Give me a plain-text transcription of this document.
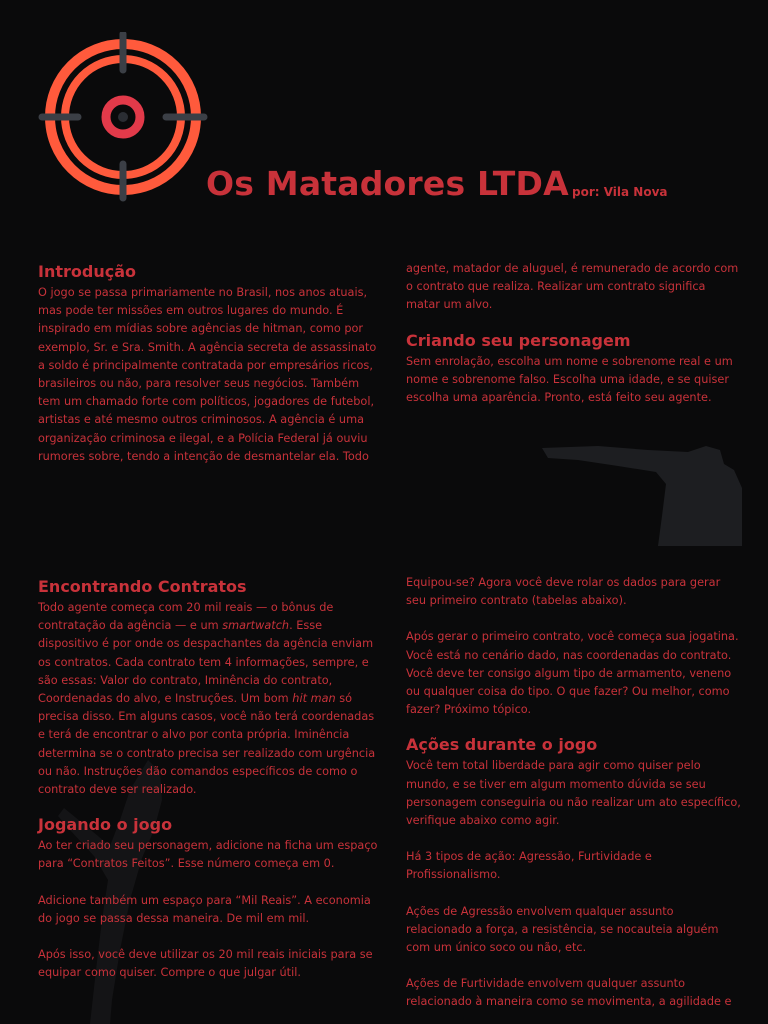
Os Matadores LTDA por: Vila Nova
Introdução

O jogo se passa primariamente no Brasil, nos anos atuais, mas pode ter missões em outros lugares do mundo. É inspirado em mídias sobre agências de hitman, como por exemplo, Sr. e Sra. Smith. A agência secreta de assassinato a soldo é principalmente contratada por empresários ricos, brasileiros ou não, para resolver seus negócios. Também tem um chamado forte com políticos, jogadores de futebol, artistas e até mesmo outros criminosos. A agência é uma organização criminosa e ilegal, e a Polícia Federal já ouviu rumores sobre, tendo a intenção de desmantelar ela. Todo

agente, matador de aluguel, é remunerado de acordo com o contrato que realiza. Realizar um contrato significa matar um alvo.

Criando seu personagem

Sem enrolação, escolha um nome e sobrenome real e um nome e sobrenome falso. Escolha uma idade, e se quiser escolha uma aparência. Pronto, está feito seu agente.

Encontrando Contratos

Todo agente começa com 20 mil reais — o bônus de contratação da agência — e um smartwatch. Esse dispositivo é por onde os despachantes da agência enviam os contratos. Cada contrato tem 4 informações, sempre, e são essas: Valor do contrato, Iminência do contrato, Coordenadas do alvo, e Instruções. Um bom hit man só precisa disso. Em alguns casos, você não terá coordenadas e terá de encontrar o alvo por conta própria. Iminência determina se o contrato precisa ser realizado com urgência ou não. Instruções dão comandos específicos de como o contrato deve ser realizado.

Jogando o jogo

Ao ter criado seu personagem, adicione na ficha um espaço para “Contratos Feitos”. Esse número começa em 0.

Adicione também um espaço para “Mil Reais”. A economia do jogo se passa dessa maneira. De mil em mil.

Após isso, você deve utilizar os 20 mil reais iniciais para se equipar como quiser. Compre o que julgar útil.

Equipou-se? Agora você deve rolar os dados para gerar seu primeiro contrato (tabelas abaixo).

Após gerar o primeiro contrato, você começa sua jogatina. Você está no cenário dado, nas coordenadas do contrato. Você deve ter consigo algum tipo de armamento, veneno ou qualquer coisa do tipo. O que fazer? Ou melhor, como fazer? Próximo tópico.

Ações durante o jogo

Você tem total liberdade para agir como quiser pelo mundo, e se tiver em algum momento dúvida se seu personagem conseguiria ou não realizar um ato específico, verifique abaixo como agir.

Há 3 tipos de ação: Agressão, Furtividade e Profissionalismo.

Ações de Agressão envolvem qualquer assunto relacionado a força, a resistência, se nocauteia alguém com um único soco ou não, etc.

Ações de Furtividade envolvem qualquer assunto relacionado à maneira como se movimenta, a agilidade e
